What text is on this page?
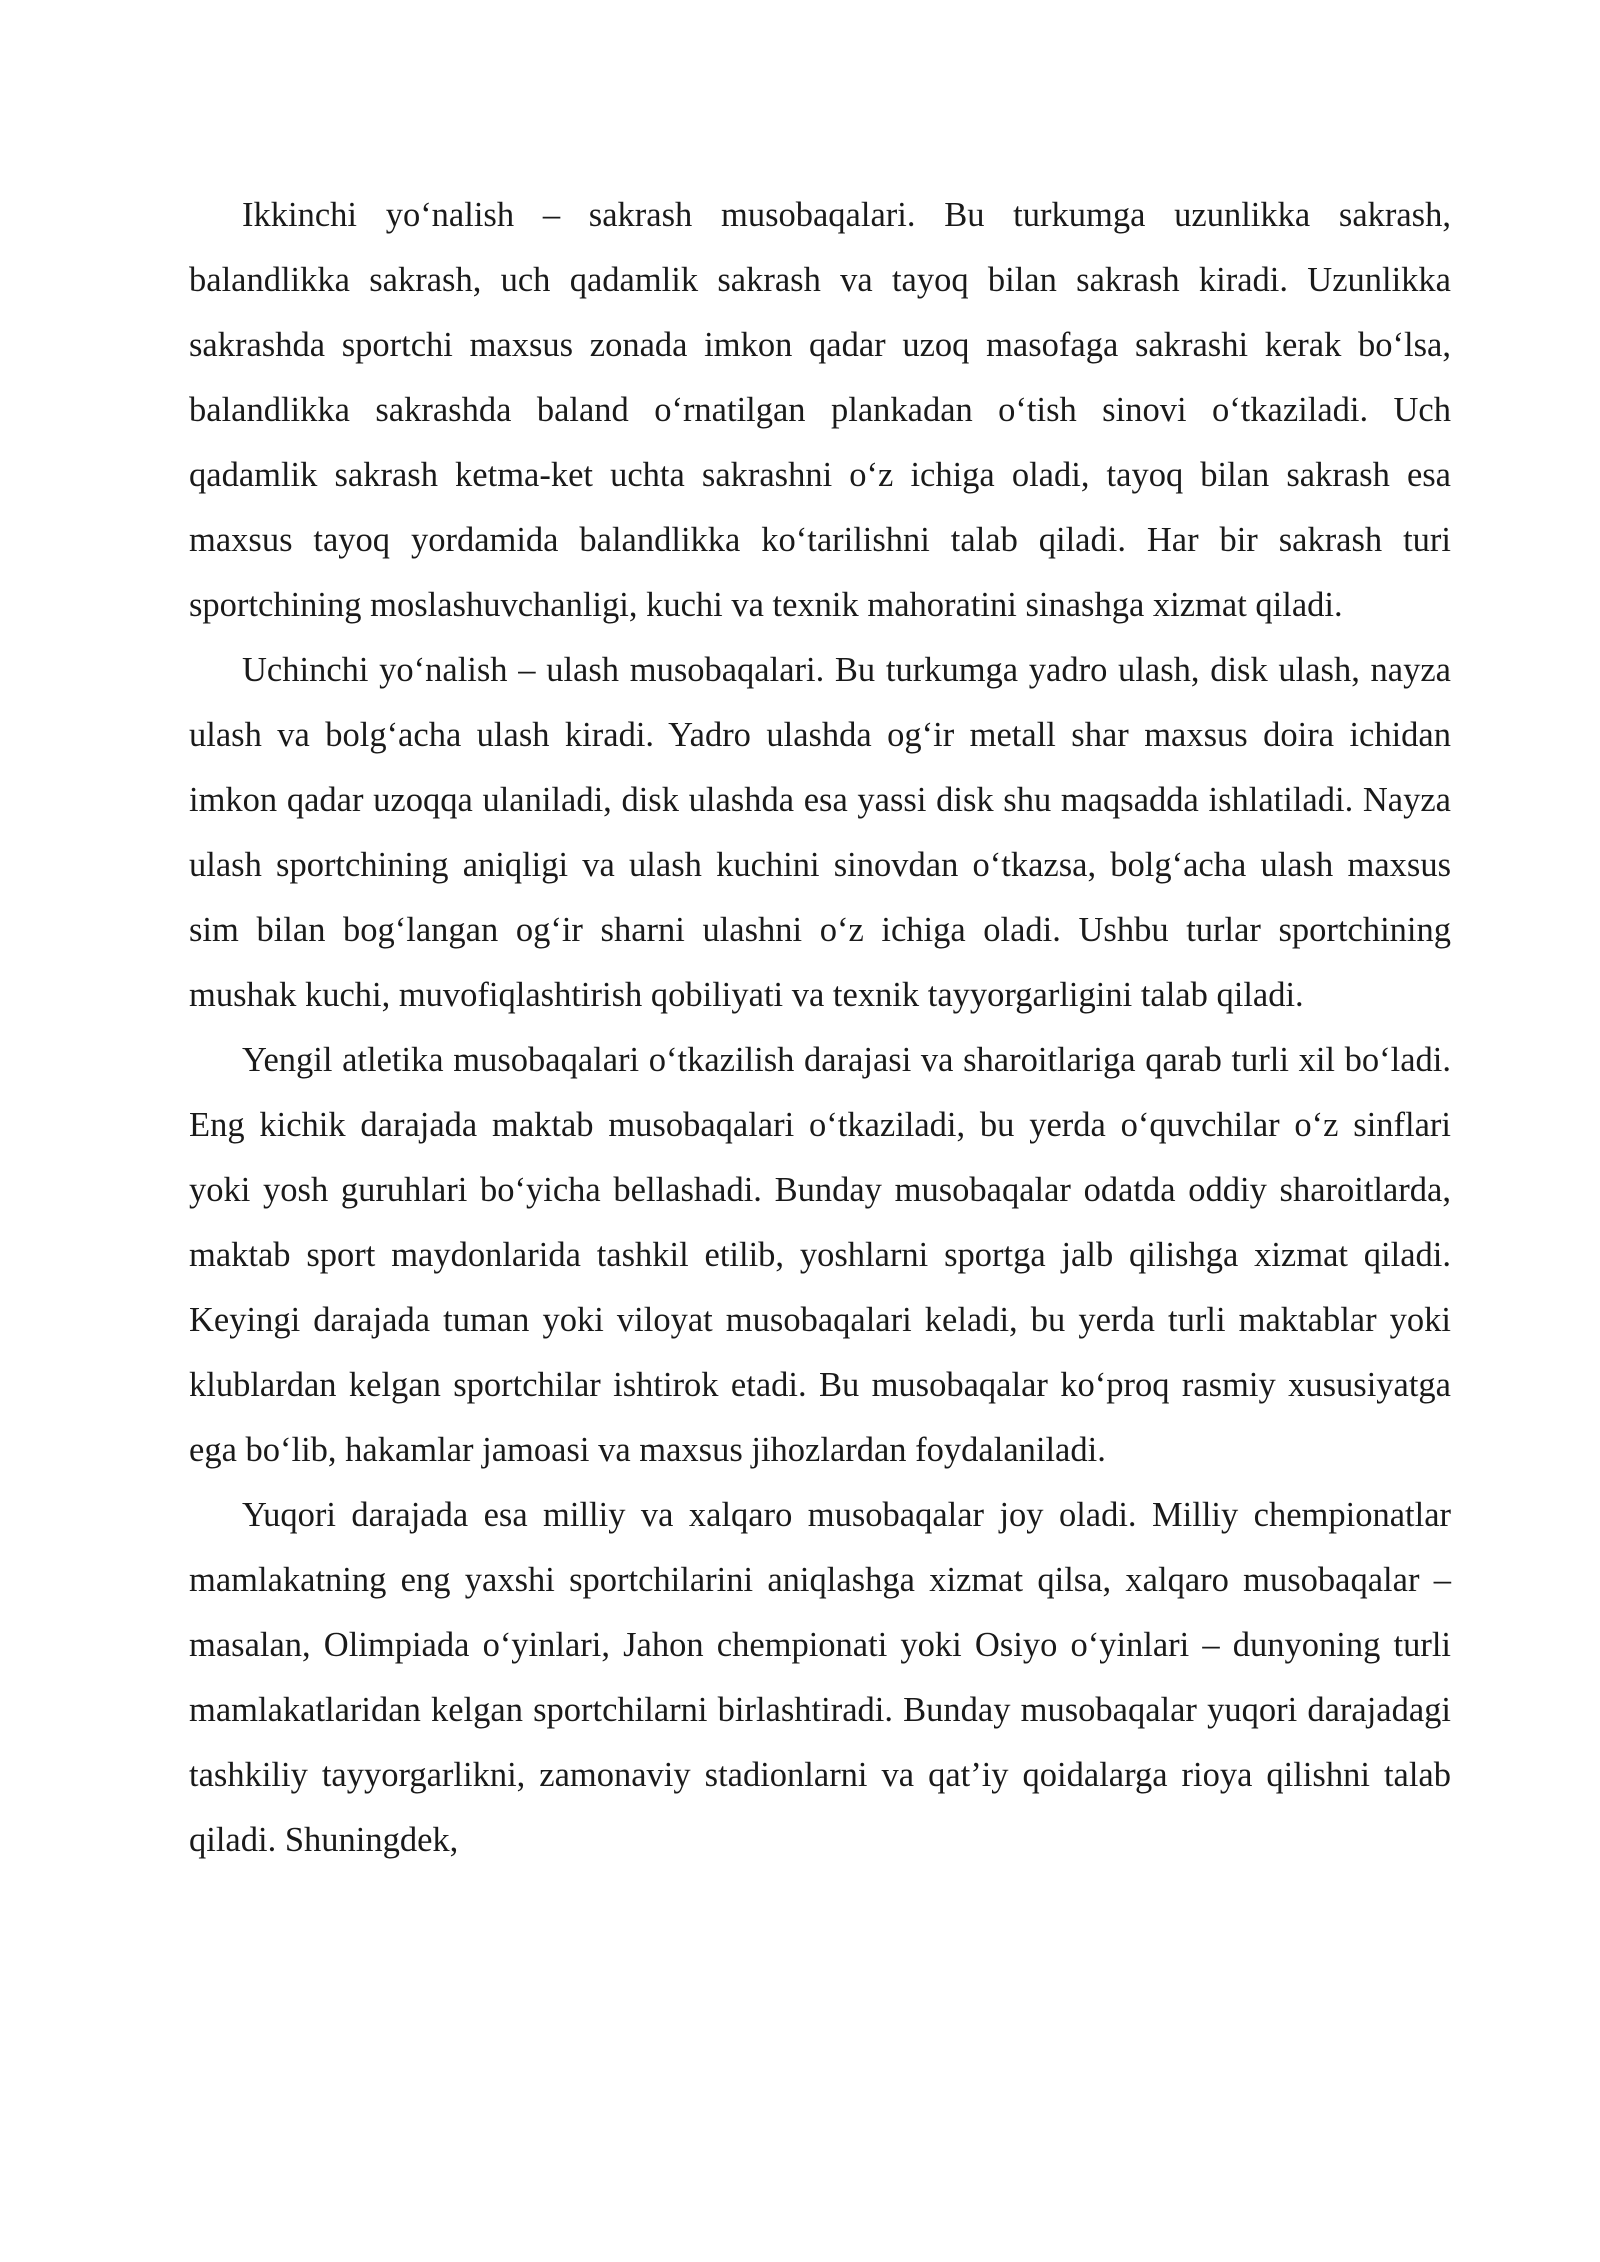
Ikkinchi yo‘nalish – sakrash musobaqalari. Bu turkumga uzunlikka sakrash, balandlikka sakrash, uch qadamlik sakrash va tayoq bilan sakrash kiradi. Uzunlikka sakrashda sportchi maxsus zonada imkon qadar uzoq masofaga sakrashi kerak bo‘lsa, balandlikka sakrashda baland o‘rnatilgan plankadan o‘tish sinovi o‘tkaziladi. Uch qadamlik sakrash ketma-ket uchta sakrashni o‘z ichiga oladi, tayoq bilan sakrash esa maxsus tayoq yordamida balandlikka ko‘tarilishni talab qiladi. Har bir sakrash turi sportchining moslashuvchanligi, kuchi va texnik mahoratini sinashga xizmat qiladi.

Uchinchi yo‘nalish – ulash musobaqalari. Bu turkumga yadro ulash, disk ulash, nayza ulash va bolg‘acha ulash kiradi. Yadro ulashda og‘ir metall shar maxsus doira ichidan imkon qadar uzoqqa ulaniladi, disk ulashda esa yassi disk shu maqsadda ishlatiladi. Nayza ulash sportchining aniqligi va ulash kuchini sinovdan o‘tkazsa, bolg‘acha ulash maxsus sim bilan bog‘langan og‘ir sharni ulashni o‘z ichiga oladi. Ushbu turlar sportchining mushak kuchi, muvofiqlashtirish qobiliyati va texnik tayyorgarligini talab qiladi.

Yengil atletika musobaqalari o‘tkazilish darajasi va sharoitlariga qarab turli xil bo‘ladi. Eng kichik darajada maktab musobaqalari o‘tkaziladi, bu yerda o‘quvchilar o‘z sinflari yoki yosh guruhlari bo‘yicha bellashadi. Bunday musobaqalar odatda oddiy sharoitlarda, maktab sport maydonlarida tashkil etilib, yoshlarni sportga jalb qilishga xizmat qiladi. Keyingi darajada tuman yoki viloyat musobaqalari keladi, bu yerda turli maktablar yoki klublardan kelgan sportchilar ishtirok etadi. Bu musobaqalar ko‘proq rasmiy xususiyatga ega bo‘lib, hakamlar jamoasi va maxsus jihozlardan foydalaniladi.

Yuqori darajada esa milliy va xalqaro musobaqalar joy oladi. Milliy chempionatlar mamlakatning eng yaxshi sportchilarini aniqlashga xizmat qilsa, xalqaro musobaqalar – masalan, Olimpiada o‘yinlari, Jahon chempionati yoki Osiyo o‘yinlari – dunyoning turli mamlakatlaridan kelgan sportchilarni birlashtiradi. Bunday musobaqalar yuqori darajadagi tashkiliy tayyorgarlikni, zamonaviy stadionlarni va qat’iy qoidalarga rioya qilishni talab qiladi. Shuningdek,
